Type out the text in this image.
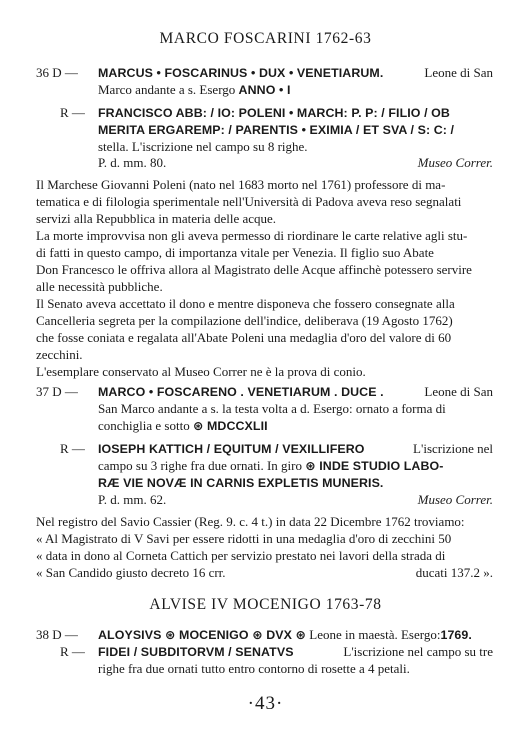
MARCO FOSCARINI 1762-63
36 D — MARCUS • FOSCARINUS • DUX • VENETIARUM.	Leone di San
Marco andante a s. Esergo ANNO • I
R — FRANCISCO ABB: / IO: POLENI • MARCH: P. P: / FILIO / OB
MERITA ERGAREMP: / PARENTIS • EXIMIA / ET SVA / S: C: /
stella. L'iscrizione nel campo su 8 righe.
P. d. mm. 80.	Museo Correr.
Il Marchese Giovanni Poleni (nato nel 1683 morto nel 1761) professore di ma-
tematica e di filologia sperimentale nell'Università di Padova aveva reso segnalati
servizi alla Repubblica in materia delle acque.
La morte improvvisa non gli aveva permesso di riordinare le carte relative agli stu-
di fatti in questo campo, di importanza vitale per Venezia. Il figlio suo Abate
Don Francesco le offriva allora al Magistrato delle Acque affinchè potessero servire
alle necessità pubbliche.
Il Senato aveva accettato il dono e mentre disponeva che fossero consegnate alla
Cancelleria segreta per la compilazione dell'indice, deliberava (19 Agosto 1762)
che fosse coniata e regalata all'Abate Poleni una medaglia d'oro del valore di 60
zecchini.
L'esemplare conservato al Museo Correr ne è la prova di conio.
37 D — MARCO • FOSCARENO . VENETIARUM . DUCE .	Leone di San
San Marco andante a s. la testa volta a d. Esergo: ornato a forma di
conchiglia e sotto ⊛ MDCCXLII
R — IOSEPH KATTICH / EQUITUM / VEXILLIFERO	L'iscrizione nel
campo su 3 righe fra due ornati. In giro ⊛ INDE STUDIO LABO-
RÆ VIE NOVÆ IN CARNIS EXPLETIS MUNERIS.
P. d. mm. 62.	Museo Correr.
Nel registro del Savio Cassier (Reg. 9. c. 4 t.) in data 22 Dicembre 1762 troviamo:
« Al Magistrato di V Savi per essere ridotti in una medaglia d'oro di zecchini 50
« data in dono al Corneta Cattich per servizio prestato nei lavori della strada di
« San Candido giusto decreto 16 crr.	ducati 137.2 ».
ALVISE IV MOCENIGO 1763-78
38 D — ALOYSIVS ⊛ MOCENIGO ⊛ DVX ⊛ Leone in maestà. Esergo:1769.
R — FIDEI / SUBDITORVM / SENATVS	L'iscrizione nel campo su tre
righe fra due ornati tutto entro contorno di rosette a 4 petali.
·43·
